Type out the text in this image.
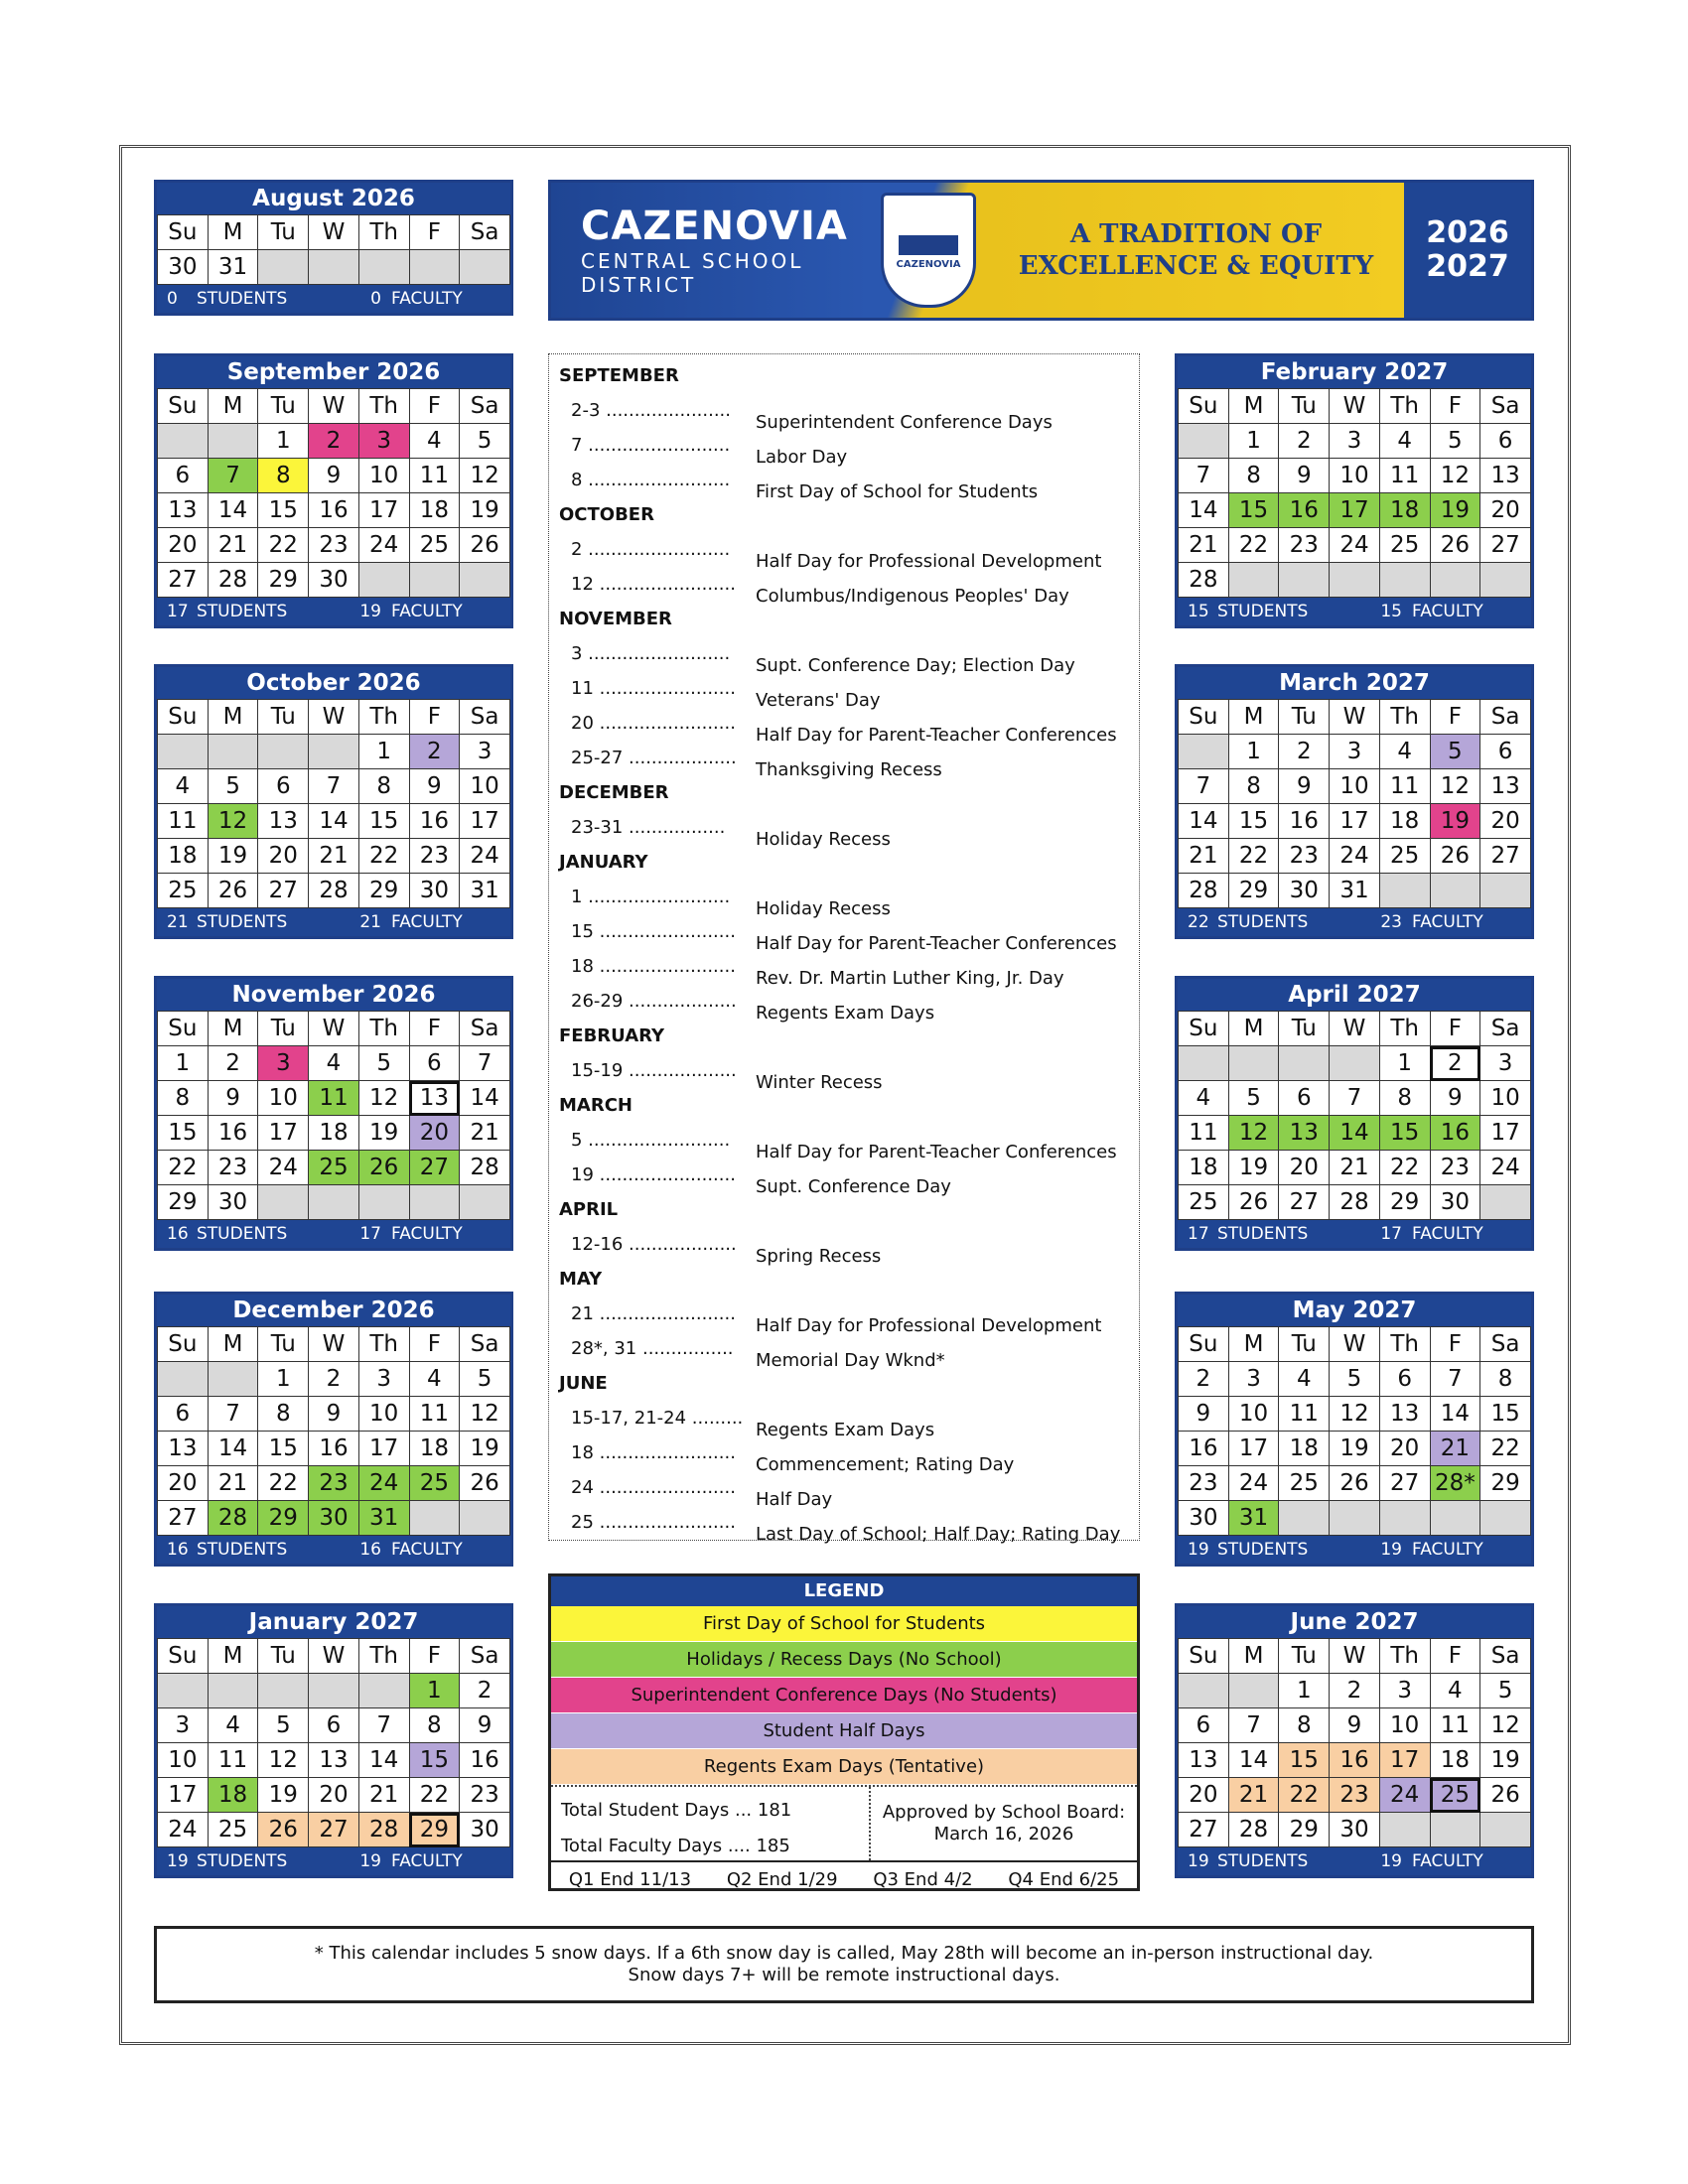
CAZENOVIA
CENTRAL SCHOOL DISTRICT
CAZENOVIA
A TRADITION OF
EXCELLENCE & EQUITY
2026
2027
August 2026
Su	M	Tu	W	Th	F	Sa
30	31					
0	STUDENTS	0 FACULTY
September 2026
Su	M	Tu	W	Th	F	Sa
		1	2	3	4	5
6	7	8	9	10	11	12
13	14	15	16	17	18	19
20	21	22	23	24	25	26
27	28	29	30			
17 STUDENTS	19 FACULTY
October 2026
Su	M	Tu	W	Th	F	Sa
				1	2	3
4	5	6	7	8	9	10
11	12	13	14	15	16	17
18	19	20	21	22	23	24
25	26	27	28	29	30	31
21 STUDENTS	21 FACULTY
November 2026
Su	M	Tu	W	Th	F	Sa
1	2	3	4	5	6	7
8	9	10	11	12	13	14
15	16	17	18	19	20	21
22	23	24	25	26	27	28
29	30					
16 STUDENTS	17 FACULTY
December 2026
Su	M	Tu	W	Th	F	Sa
		1	2	3	4	5
6	7	8	9	10	11	12
13	14	15	16	17	18	19
20	21	22	23	24	25	26
27	28	29	30	31		
16 STUDENTS	16 FACULTY
January 2027
Su	M	Tu	W	Th	F	Sa
					1	2
3	4	5	6	7	8	9
10	11	12	13	14	15	16
17	18	19	20	21	22	23
24	25	26	27	28	29	30
19 STUDENTS	19 FACULTY
February 2027
Su	M	Tu	W	Th	F	Sa
	1	2	3	4	5	6
7	8	9	10	11	12	13
14	15	16	17	18	19	20
21	22	23	24	25	26	27
28						
15 STUDENTS	15 FACULTY
March 2027
Su	M	Tu	W	Th	F	Sa
	1	2	3	4	5	6
7	8	9	10	11	12	13
14	15	16	17	18	19	20
21	22	23	24	25	26	27
28	29	30	31			
22 STUDENTS	23 FACULTY
April 2027
Su	M	Tu	W	Th	F	Sa
				1	2	3
4	5	6	7	8	9	10
11	12	13	14	15	16	17
18	19	20	21	22	23	24
25	26	27	28	29	30	
17 STUDENTS	17 FACULTY
May 2027
Su	M	Tu	W	Th	F	Sa
2	3	4	5	6	7	8
9	10	11	12	13	14	15
16	17	18	19	20	21	22
23	24	25	26	27	28*	29
30	31					
19 STUDENTS	19 FACULTY
June 2027
Su	M	Tu	W	Th	F	Sa
		1	2	3	4	5
6	7	8	9	10	11	12
13	14	15	16	17	18	19
20	21	22	23	24	25	26
27	28	29	30			
19 STUDENTS	19 FACULTY
SEPTEMBER
2-3 ......................Superintendent Conference Days
7 .........................Labor Day
8 .........................First Day of School for Students
OCTOBER
2 .........................Half Day for Professional Development
12 ........................Columbus/Indigenous Peoples' Day
NOVEMBER
3 .........................Supt. Conference Day; Election Day
11 ........................Veterans' Day
20 ........................Half Day for Parent-Teacher Conferences
25-27 ...................Thanksgiving Recess
DECEMBER
23-31 .................Holiday Recess
JANUARY
1 .........................Holiday Recess
15 ........................Half Day for Parent-Teacher Conferences
18 ........................Rev. Dr. Martin Luther King, Jr. Day
26-29 ...................Regents Exam Days
FEBRUARY
15-19 ...................Winter Recess
MARCH
5 .........................Half Day for Parent-Teacher Conferences
19 ........................Supt. Conference Day
APRIL
12-16 ...................Spring Recess
MAY
21 ........................Half Day for Professional Development
28*, 31 ................Memorial Day Wknd*
JUNE
15-17, 21-24 .........Regents Exam Days
18 ........................Commencement; Rating Day
24 ........................Half Day
25 ........................Last Day of School; Half Day; Rating Day
LEGEND
First Day of School for Students
Holidays / Recess Days (No School)
Superintendent Conference Days (No Students)
Student Half Days
Regents Exam Days (Tentative)
Total Student Days ... 181
Total Faculty Days .... 185
Approved by School Board:
March 16, 2026
Q1 End 11/13 Q2 End 1/29 Q3 End 4/2 Q4 End 6/25
* This calendar includes 5 snow days. If a 6th snow day is called, May 28th will become an in-person instructional day.
Snow days 7+ will be remote instructional days.
